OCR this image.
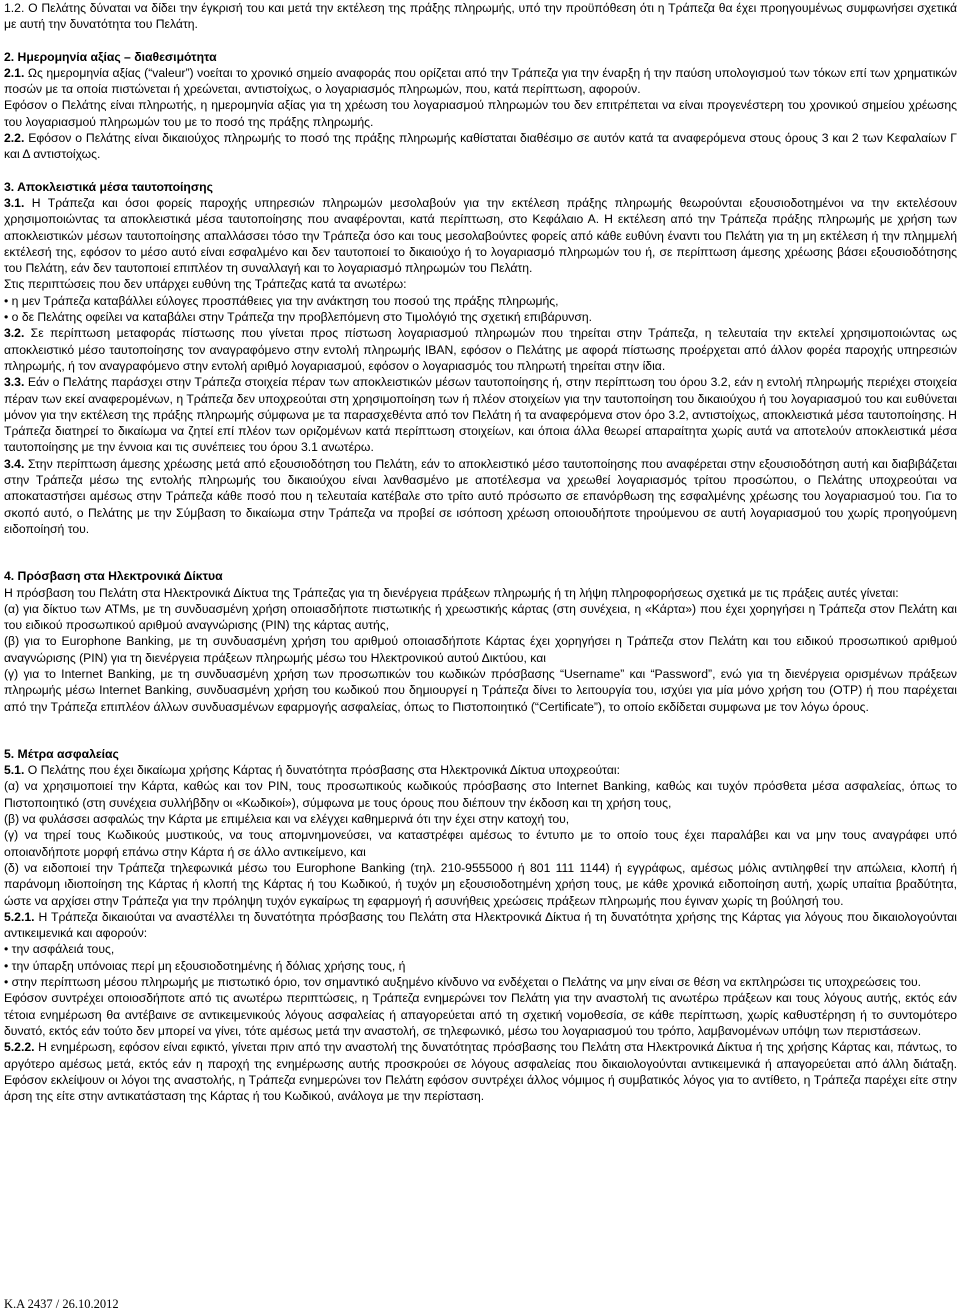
1.2. Ο Πελάτης δύναται να δίδει την έγκρισή του και μετά την εκτέλεση της πράξης πληρωμής, υπό την προϋπόθεση ότι η Τράπεζα θα έχει προηγουμένως συμφωνήσει σχετικά με αυτή την δυνατότητα του Πελάτη.

2. Ημερομηνία αξίας – διαθεσιμότητα

2.1. Ως ημερομηνία αξίας (“valeur”) νοείται το χρονικό σημείο αναφοράς που ορίζεται από την Τράπεζα για την έναρξη ή την παύση υπολογισμού των τόκων επί των χρηματικών ποσών με τα οποία πιστώνεται ή χρεώνεται, αντιστοίχως, ο λογαριασμός πληρωμών, που, κατά περίπτωση, αφορούν.

Εφόσον ο Πελάτης είναι πληρωτής, η ημερομηνία αξίας για τη χρέωση του λογαριασμού πληρωμών του δεν επιτρέπεται να είναι προγενέστερη του χρονικού σημείου χρέωσης του λογαριασμού πληρωμών του με το ποσό της πράξης πληρωμής.

2.2. Εφόσον ο Πελάτης είναι δικαιούχος πληρωμής το ποσό της πράξης πληρωμής καθίσταται διαθέσιμο σε αυτόν κατά τα αναφερόμενα στους όρους 3 και 2 των Κεφαλαίων Γ και Δ αντιστοίχως.

3. Αποκλειστικά μέσα ταυτοποίησης

3.1. Η Τράπεζα και όσοι φορείς παροχής υπηρεσιών πληρωμών μεσολαβούν για την εκτέλεση πράξης πληρωμής θεωρούνται εξουσιοδοτημένοι να την εκτελέσουν χρησιμοποιώντας τα αποκλειστικά μέσα ταυτοποίησης που αναφέρονται, κατά περίπτωση, στο Κεφάλαιο Α. Η εκτέλεση από την Τράπεζα πράξης πληρωμής με χρήση των αποκλειστικών μέσων ταυτοποίησης απαλλάσσει τόσο την Τράπεζα όσο και τους μεσολαβούντες φορείς από κάθε ευθύνη έναντι του Πελάτη για τη μη εκτέλεση ή την πλημμελή εκτέλεσή της, εφόσον το μέσο αυτό είναι εσφαλμένο και δεν ταυτοποιεί το δικαιούχο ή το λογαριασμό πληρωμών του ή, σε περίπτωση άμεσης χρέωσης βάσει εξουσιοδότησης του Πελάτη, εάν δεν ταυτοποιεί επιπλέον τη συναλλαγή και το λογαριασμό πληρωμών του Πελάτη.

Στις περιπτώσεις που δεν υπάρχει ευθύνη της Τράπεζας κατά τα ανωτέρω:

• η μεν Τράπεζα καταβάλλει εύλογες προσπάθειες για την ανάκτηση του ποσού της πράξης πληρωμής,

• ο δε Πελάτης οφείλει να καταβάλει στην Τράπεζα την προβλεπόμενη στο Τιμολόγιό της σχετική επιβάρυνση.

3.2. Σε περίπτωση μεταφοράς πίστωσης που γίνεται προς πίστωση λογαριασμού πληρωμών που τηρείται στην Τράπεζα, η τελευταία την εκτελεί χρησιμοποιώντας ως αποκλειστικό μέσο ταυτοποίησης τον αναγραφόμενο στην εντολή πληρωμής IBAN, εφόσον ο Πελάτης με αφορά πίστωσης προέρχεται από άλλον φορέα παροχής υπηρεσιών πληρωμής, ή τον αναγραφόμενο στην εντολή αριθμό λογαριασμού, εφόσον ο λογαριασμός του πληρωτή τηρείται στην ίδια.

3.3. Εάν ο Πελάτης παράσχει στην Τράπεζα στοιχεία πέραν των αποκλειστικών μέσων ταυτοποίησης ή, στην περίπτωση του όρου 3.2, εάν η εντολή πληρωμής περιέχει στοιχεία πέραν των εκεί αναφερομένων, η Τράπεζα δεν υποχρεούται στη χρησιμοποίηση των ή πλέον στοιχείων για την ταυτοποίηση του δικαιούχου ή του λογαριασμού του και ευθύνεται μόνον για την εκτέλεση της πράξης πληρωμής σύμφωνα με τα παρασχεθέντα από τον Πελάτη ή τα αναφερόμενα στον όρο 3.2, αντιστοίχως, αποκλειστικά μέσα ταυτοποίησης. Η Τράπεζα διατηρεί το δικαίωμα να ζητεί επί πλέον των οριζομένων κατά περίπτωση στοιχείων, και όποια άλλα θεωρεί απαραίτητα χωρίς αυτά να αποτελούν αποκλειστικά μέσα ταυτοποίησης με την έννοια και τις συνέπειες του όρου 3.1 ανωτέρω.

3.4. Στην περίπτωση άμεσης χρέωσης μετά από εξουσιοδότηση του Πελάτη, εάν το αποκλειστικό μέσο ταυτοποίησης που αναφέρεται στην εξουσιοδότηση αυτή και διαβιβάζεται στην Τράπεζα μέσω της εντολής πληρωμής του δικαιούχου είναι λανθασμένο με αποτέλεσμα να χρεωθεί λογαριασμός τρίτου προσώπου, ο Πελάτης υποχρεούται να αποκαταστήσει αμέσως στην Τράπεζα κάθε ποσό που η τελευταία κατέβαλε στο τρίτο αυτό πρόσωπο σε επανόρθωση της εσφαλμένης χρέωσης του λογαριασμού του. Για το σκοπό αυτό, ο Πελάτης με την Σύμβαση το δικαίωμα στην Τράπεζα να προβεί σε ισόποση χρέωση οποιουδήποτε τηρούμενου σε αυτή λογαριασμού του χωρίς προηγούμενη ειδοποίησή του.

4. Πρόσβαση στα Ηλεκτρονικά Δίκτυα

Η πρόσβαση του Πελάτη στα Ηλεκτρονικά Δίκτυα της Τράπεζας για τη διενέργεια πράξεων πληρωμής ή τη λήψη πληροφορήσεως σχετικά με τις πράξεις αυτές γίνεται:

(α) για δίκτυο των ATMs, με τη συνδυασμένη χρήση οποιασδήποτε πιστωτικής ή χρεωστικής κάρτας (στη συνέχεια, η «Κάρτα») που έχει χορηγήσει η Τράπεζα στον Πελάτη και του ειδικού προσωπικού αριθμού αναγνώρισης (PIN) της κάρτας αυτής,

(β) για το Europhone Banking, με τη συνδυασμένη χρήση του αριθμού οποιασδήποτε Κάρτας έχει χορηγήσει η Τράπεζα στον Πελάτη και του ειδικού προσωπικού αριθμού αναγνώρισης (PIN) για τη διενέργεια πράξεων πληρωμής μέσω του Ηλεκτρονικού αυτού Δικτύου, και

(γ) για το Internet Banking, με τη συνδυασμένη χρήση των προσωπικών του κωδικών πρόσβασης “Username” και “Password”, ενώ για τη διενέργεια ορισμένων πράξεων πληρωμής μέσω Internet Banking, συνδυασμένη χρήση του κωδικού που δημιουργεί η Τράπεζα δίνει το λειτουργία του, ισχύει για μία μόνο χρήση του (OTP) ή που παρέχεται από την Τράπεζα επιπλέον άλλων συνδυασμένων εφαρμογής ασφαλείας, όπως το Πιστοποιητικό (“Certificate”), το οποίο εκδίδεται συμφωνα με τον λόγω όρους.

5. Μέτρα ασφαλείας

5.1. Ο Πελάτης που έχει δικαίωμα χρήσης Κάρτας ή δυνατότητα πρόσβασης στα Ηλεκτρονικά Δίκτυα υποχρεούται:

(α) να χρησιμοποιεί την Κάρτα, καθώς και τον PIN, τους προσωπικούς κωδικούς πρόσβασης στο Internet Banking, καθώς και τυχόν πρόσθετα μέσα ασφαλείας, όπως το Πιστοποιητικό (στη συνέχεια συλλήβδην οι «Κωδικοί»), σύμφωνα με τους όρους που διέπουν την έκδοση και τη χρήση τους,

(β) να φυλάσσει ασφαλώς την Κάρτα με επιμέλεια και να ελέγχει καθημερινά ότι την έχει στην κατοχή του,

(γ) να τηρεί τους Κωδικούς μυστικούς, να τους απομνημονεύσει, να καταστρέφει αμέσως το έντυπο με το οποίο τους έχει παραλάβει και να μην τους αναγράφει υπό οποιανδήποτε μορφή επάνω στην Κάρτα ή σε άλλο αντικείμενο, και

(δ) να ειδοποιεί την Τράπεζα τηλεφωνικά μέσω του Europhone Banking (τηλ. 210-9555000 ή 801 111 1144) ή εγγράφως, αμέσως μόλις αντιληφθεί την απώλεια, κλοπή ή παράνομη ιδιοποίηση της Κάρτας ή κλοπή της Κάρτας ή του Κωδικού, ή τυχόν μη εξουσιοδοτημένη χρήση τους, με κάθε χρονικά ειδοποίηση αυτή, χωρίς υπαίτια βραδύτητα, ώστε να αρχίσει στην Τράπεζα για την πρόληψη τυχόν εγκαίρως τη εφαρμογή ή ασυνήθεις χρεώσεις πράξεων πληρωμής που έγιναν χωρίς τη βούλησή του.

5.2.1. Η Τράπεζα δικαιούται να αναστέλλει τη δυνατότητα πρόσβασης του Πελάτη στα Ηλεκτρονικά Δίκτυα ή τη δυνατότητα χρήσης της Κάρτας για λόγους που δικαιολογούνται αντικειμενικά και αφορούν:

• την ασφάλειά τους,

• την ύπαρξη υπόνοιας περί μη εξουσιοδοτημένης ή δόλιας χρήσης τους, ή

• στην περίπτωση μέσου πληρωμής με πιστωτικό όριο, τον σημαντικό αυξημένο κίνδυνο να ενδέχεται ο Πελάτης να μην είναι σε θέση να εκπληρώσει τις υποχρεώσεις του.

Εφόσον συντρέχει οποιοσδήποτε από τις ανωτέρω περιπτώσεις, η Τράπεζα ενημερώνει τον Πελάτη για την αναστολή τις ανωτέρω πράξεων και τους λόγους αυτής, εκτός εάν τέτοια ενημέρωση θα αντέβαινε σε αντικειμενικούς λόγους ασφαλείας ή απαγορεύεται από τη σχετική νομοθεσία, σε κάθε περίπτωση, χωρίς καθυστέρηση ή το συντομότερο δυνατό, εκτός εάν τούτο δεν μπορεί να γίνει, τότε αμέσως μετά την αναστολή, σε τηλεφωνικό, μέσω του λογαριασμού του τρόπο, λαμβανομένων υπόψη των περιστάσεων.

5.2.2. Η ενημέρωση, εφόσον είναι εφικτό, γίνεται πριν από την αναστολή της δυνατότητας πρόσβασης του Πελάτη στα Ηλεκτρονικά Δίκτυα ή της χρήσης Κάρτας και, πάντως, το αργότερο αμέσως μετά, εκτός εάν η παροχή της ενημέρωσης αυτής προσκρούει σε λόγους ασφαλείας που δικαιολογούνται αντικειμενικά ή απαγορεύεται από άλλη διάταξη. Εφόσον εκλείψουν οι λόγοι της αναστολής, η Τράπεζα ενημερώνει τον Πελάτη εφόσον συντρέχει άλλος νόμιμος ή συμβατικός λόγος για το αντίθετο, η Τράπεζα παρέχει είτε στην άρση της είτε στην αντικατάσταση της Κάρτας ή του Κωδικού, ανάλογα με την περίσταση.

Κ.Α 2437 / 26.10.2012
